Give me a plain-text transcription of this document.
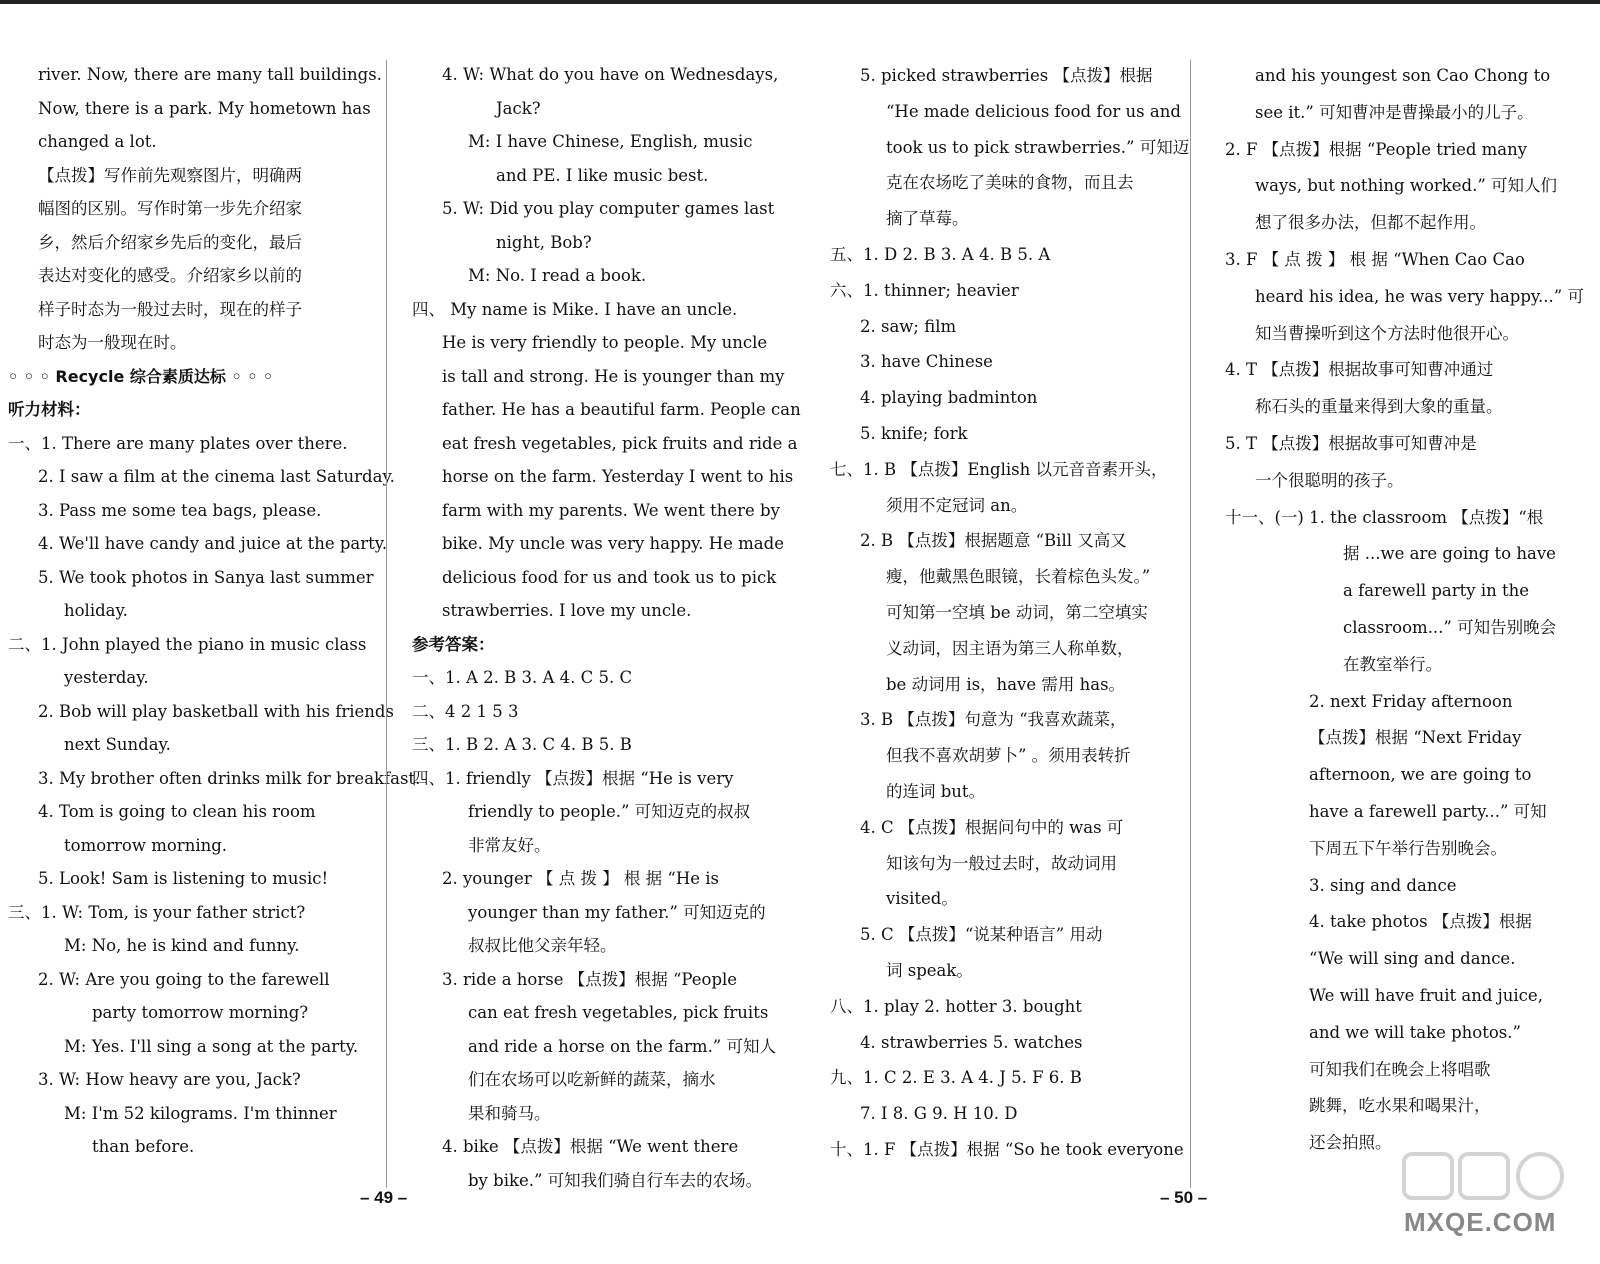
river. Now, there are many tall buildings.
Now, there is a park. My hometown has
changed a lot.
【点拨】写作前先观察图片，明确两
幅图的区别。写作时第一步先介绍家
乡，然后介绍家乡先后的变化，最后
表达对变化的感受。介绍家乡以前的
样子时态为一般过去时，现在的样子
时态为一般现在时。
◦ ◦ ◦ Recycle 综合素质达标 ◦ ◦ ◦
听力材料：
一、1. There are many plates over there.
2. I saw a film at the cinema last Saturday.
3. Pass me some tea bags, please.
4. We'll have candy and juice at the party.
5. We took photos in Sanya last summer
holiday.
二、1. John played the piano in music class
yesterday.
2. Bob will play basketball with his friends
next Sunday.
3. My brother often drinks milk for breakfast.
4. Tom is going to clean his room
tomorrow morning.
5. Look! Sam is listening to music!
三、1. W: Tom, is your father strict?
M: No, he is kind and funny.
2. W: Are you going to the farewell
party tomorrow morning?
M: Yes. I'll sing a song at the party.
3. W: How heavy are you, Jack?
M: I'm 52 kilograms. I'm thinner
than before.
4. W: What do you have on Wednesdays,
Jack?
M: I have Chinese, English, music
and PE. I like music best.
5. W: Did you play computer games last
night, Bob?
M: No. I read a book.
四、 My name is Mike. I have an uncle.
He is very friendly to people. My uncle
is tall and strong. He is younger than my
father. He has a beautiful farm. People can
eat fresh vegetables, pick fruits and ride a
horse on the farm. Yesterday I went to his
farm with my parents. We went there by
bike. My uncle was very happy. He made
delicious food for us and took us to pick
strawberries. I love my uncle.
参考答案：
一、1. A 2. B 3. A 4. C 5. C
二、4 2 1 5 3
三、1. B 2. A 3. C 4. B 5. B
四、1. friendly 【点拨】根据 “He is very
friendly to people.” 可知迈克的叔叔
非常友好。
2. younger 【 点 拨 】 根 据 “He is
younger than my father.” 可知迈克的
叔叔比他父亲年轻。
3. ride a horse 【点拨】根据 “People
can eat fresh vegetables, pick fruits
and ride a horse on the farm.” 可知人
们在农场可以吃新鲜的蔬菜，摘水
果和骑马。
4. bike 【点拨】根据 “We went there
by bike.” 可知我们骑自行车去的农场。
5. picked strawberries 【点拨】根据
“He made delicious food for us and
took us to pick strawberries.” 可知迈
克在农场吃了美味的食物，而且去
摘了草莓。
五、1. D 2. B 3. A 4. B 5. A
六、1. thinner; heavier
2. saw; film
3. have Chinese
4. playing badminton
5. knife; fork
七、1. B 【点拨】English 以元音音素开头，
须用不定冠词 an。
2. B 【点拨】根据题意 “Bill 又高又
瘦，他戴黑色眼镜，长着棕色头发。”
可知第一空填 be 动词，第二空填实
义动词，因主语为第三人称单数，
be 动词用 is，have 需用 has。
3. B 【点拨】句意为 “我喜欢蔬菜，
但我不喜欢胡萝卜” 。须用表转折
的连词 but。
4. C 【点拨】根据问句中的 was 可
知该句为一般过去时，故动词用
visited。
5. C 【点拨】“说某种语言” 用动
词 speak。
八、1. play 2. hotter 3. bought
4. strawberries 5. watches
九、1. C 2. E 3. A 4. J 5. F 6. B
7. I 8. G 9. H 10. D
十、1. F 【点拨】根据 “So he took everyone
and his youngest son Cao Chong to
see it.” 可知曹冲是曹操最小的儿子。
2. F 【点拨】根据 “People tried many
ways, but nothing worked.” 可知人们
想了很多办法，但都不起作用。
3. F 【 点 拨 】 根 据 “When Cao Cao
heard his idea, he was very happy...” 可
知当曹操听到这个方法时他很开心。
4. T 【点拨】根据故事可知曹冲通过
称石头的重量来得到大象的重量。
5. T 【点拨】根据故事可知曹冲是
一个很聪明的孩子。
十一、(一) 1. the classroom 【点拨】“根
据 ...we are going to have
a farewell party in the
classroom...” 可知告别晚会
在教室举行。
2. next Friday afternoon
【点拨】根据 “Next Friday
afternoon, we are going to
have a farewell party...” 可知
下周五下午举行告别晚会。
3. sing and dance
4. take photos 【点拨】根据
“We will sing and dance.
We will have fruit and juice,
and we will take photos.”
可知我们在晚会上将唱歌
跳舞，吃水果和喝果汁，
还会拍照。
– 49 –	– 50 –
MXQE.COM
